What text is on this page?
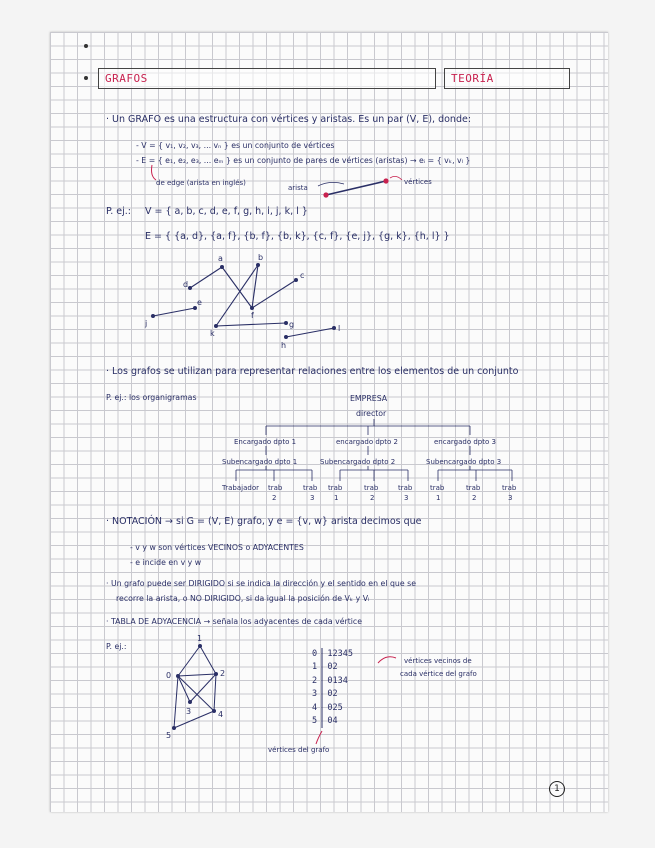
GRAFOS	TEORÍA
· Un GRAFO es una estructura con vértices y aristas. Es un par (V, E), donde:
- V = { v₁, v₂, v₃, ... vₙ } es un conjunto de vértices
- E = { e₁, e₂, e₃, ... eₘ } es un conjunto de pares de vértices (aristas) → eᵢ = { vₖ, vₗ }
de edge (arista en inglés)
arista
vértices
P. ej.: V = { a, b, c, d, e, f, g, h, i, j, k, l }
E = { {a, d}, {a, f}, {b, f}, {b, k}, {c, f}, {e, j}, {g, k}, {h, l} }
a	b
c
d
e
j
f
k
g
h
l
· Los grafos se utilizan para representar relaciones entre los elementos de un conjunto
P. ej.: los organigramas	EMPRESA
director
Encargado dpto 1	encargado dpto 2	encargado dpto 3
Subencargado dpto 1	Subencargado dpto 2	Subencargado dpto 3
Trabajador trab
2
trab
3
trab
1
trab
2
trab
3
trab
1
trab
2
trab
3
· NOTACIÓN → si G = (V, E) grafo, y e = {v, w} arista decimos que
- v y w son vértices VECINOS o ADYACENTES
- e incide en v y w
· Un grafo puede ser DIRIGIDO si se indica la dirección y el sentido en el que se
recorre la arista, o NO DIRIGIDO, si da igual la posición de Vₖ y Vₗ
· TABLA DE ADYACENCIA → señala los adyacentes de cada vértice
P. ej.:
1
0	2
3	4
5
0 12345
1 02
2 0134
3 02
4 025
5 04
vértices vecinos de
cada vértice del grafo
vértices del grafo
1
